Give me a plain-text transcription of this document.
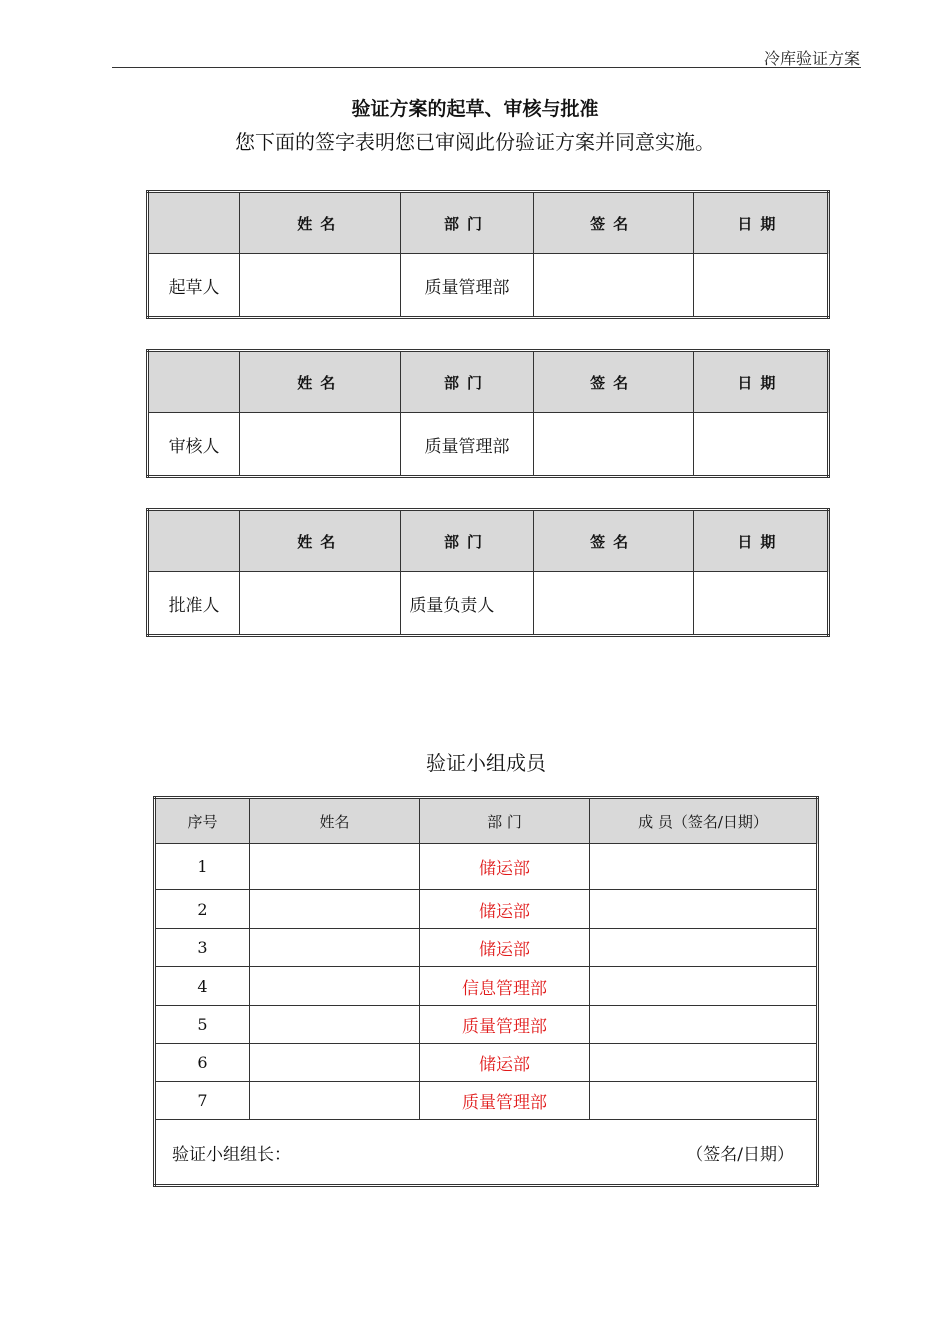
冷库验证方案
验证方案的起草、审核与批准
您下面的签字表明您已审阅此份验证方案并同意实施。
	姓名	部门	签名	日期
起草人		质量管理部		
	姓名	部门	签名	日期
审核人		质量管理部		
	姓名	部门	签名	日期
批准人		质量负责人		
验证小组成员
序号	姓名	部 门	成 员（签名/日期）
1		储运部	
2		储运部	
3		储运部	
4		信息管理部	
5		质量管理部	
6		储运部	
7		质量管理部	

验证小组组长： （签名/日期）			
